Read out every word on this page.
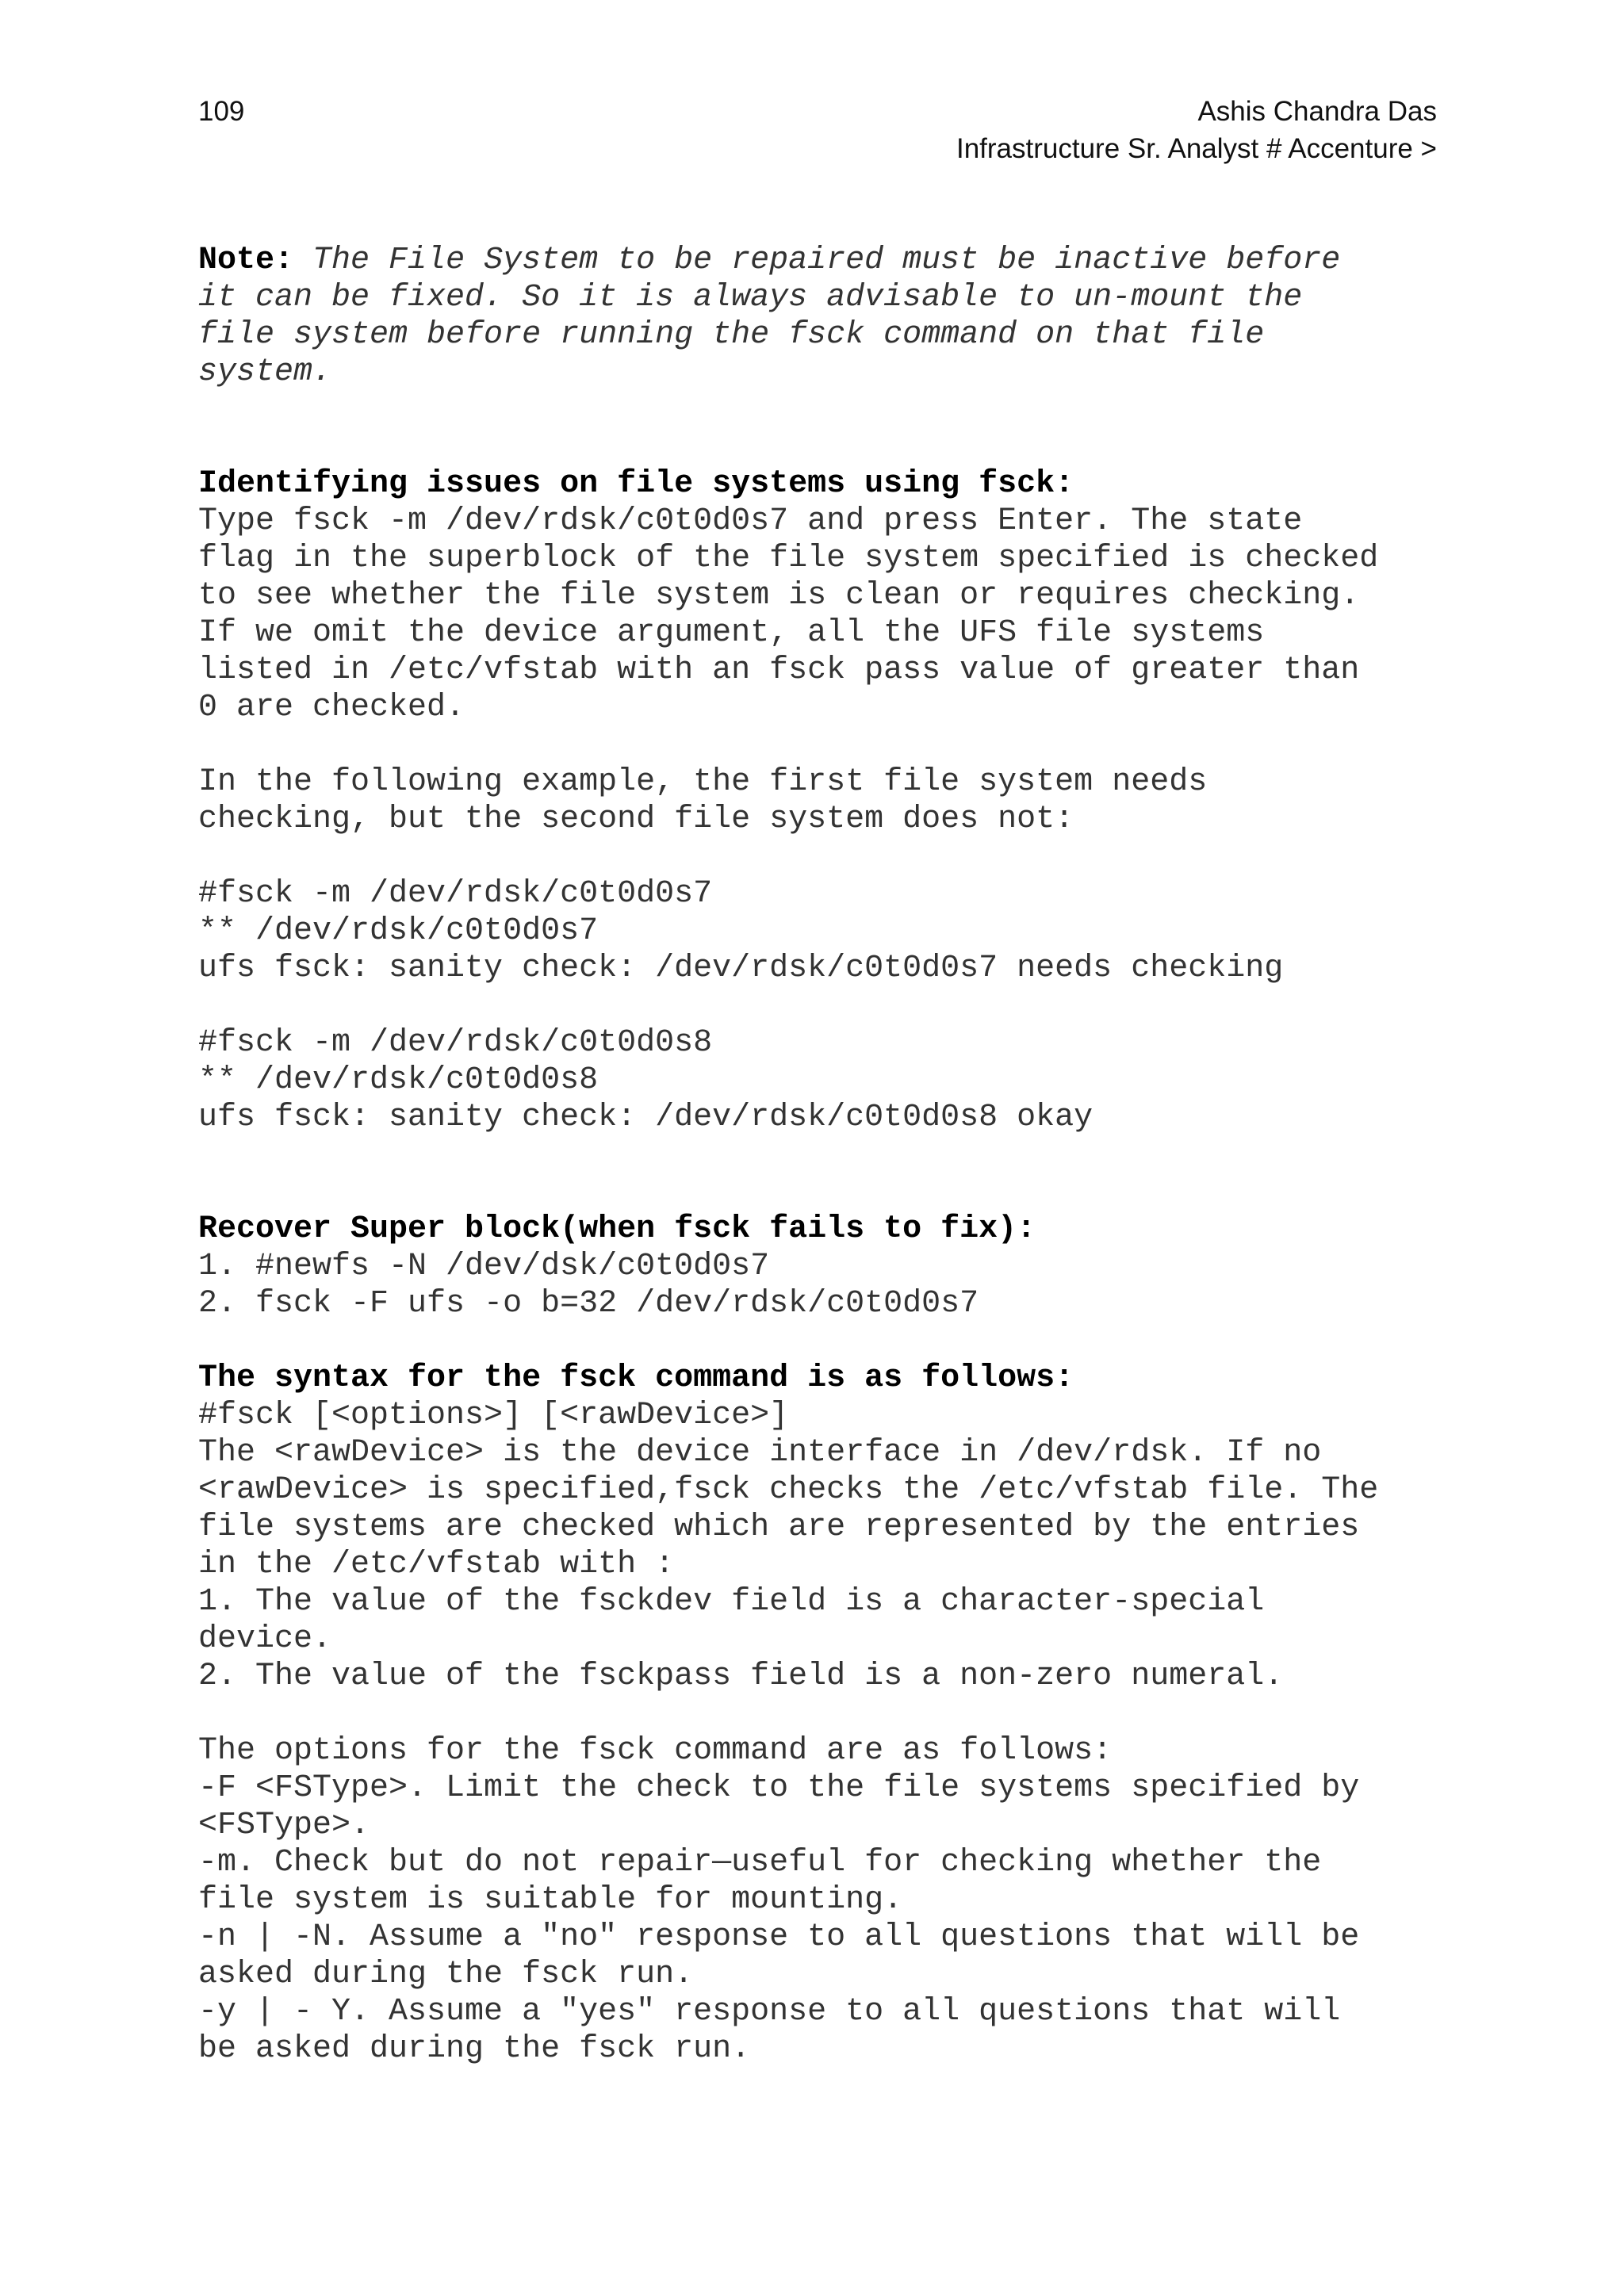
109	Ashis Chandra Das
Infrastructure Sr. Analyst # Accenture >

Note: The File System to be repaired must be inactive before
it can be fixed. So it is always advisable to un-mount the
file system before running the fsck command on that file
system.

Identifying issues on file systems using fsck:

Type fsck -m /dev/rdsk/c0t0d0s7 and press Enter. The state
flag in the superblock of the file system specified is checked
to see whether the file system is clean or requires checking.
If we omit the device argument, all the UFS file systems
listed in /etc/vfstab with an fsck pass value of greater than
0 are checked.

In the following example, the first file system needs
checking, but the second file system does not:

#fsck -m /dev/rdsk/c0t0d0s7
** /dev/rdsk/c0t0d0s7
ufs fsck: sanity check: /dev/rdsk/c0t0d0s7 needs checking

#fsck -m /dev/rdsk/c0t0d0s8
** /dev/rdsk/c0t0d0s8
ufs fsck: sanity check: /dev/rdsk/c0t0d0s8 okay

Recover Super block(when fsck fails to fix):

1. #newfs -N /dev/dsk/c0t0d0s7
2. fsck -F ufs -o b=32 /dev/rdsk/c0t0d0s7

The syntax for the fsck command is as follows:

#fsck [<options>] [<rawDevice>]
The <rawDevice> is the device interface in /dev/rdsk. If no
<rawDevice> is specified,fsck checks the /etc/vfstab file. The
file systems are checked which are represented by the entries
in the /etc/vfstab with :
1. The value of the fsckdev field is a character-special
device.
2. The value of the fsckpass field is a non-zero numeral.

The options for the fsck command are as follows:
-F <FSType>. Limit the check to the file systems specified by
<FSType>.
-m. Check but do not repair—useful for checking whether the
file system is suitable for mounting.
-n | -N. Assume a "no" response to all questions that will be
asked during the fsck run.
-y | - Y. Assume a "yes" response to all questions that will
be asked during the fsck run.
